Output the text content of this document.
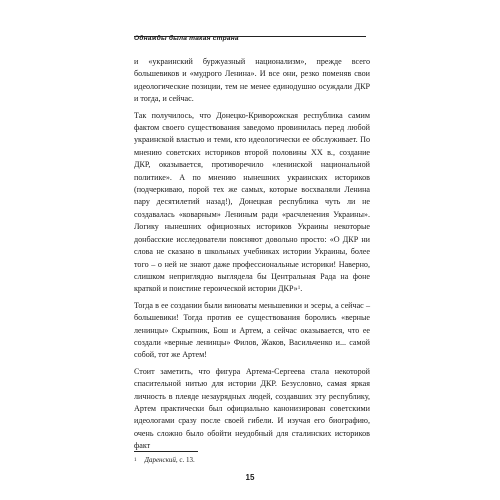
Однажды была такая страна

и «украинский буржуазный национализм», прежде всего большевиков и «мудрого Ленина». И все они, резко поменяв свои идеологические позиции, тем не менее единодушно осуждали ДКР и тогда, и сейчас.

Так получилось, что Донецко-Криворожская республика самим фактом своего существования заведомо провинилась перед любой украинской властью и теми, кто идеологически ее обслуживает. По мнению советских историков второй половины XX в., создание ДКР, оказывается, противоречило «ленинской национальной политике». А по мнению нынешних украинских историков (подчеркиваю, порой тех же самых, которые восхваляли Ленина пару десятилетий назад!), Донецкая республика чуть ли не создавалась «коварным» Лениным ради «расчленения Украины». Логику нынешних официозных историков Украины некоторые донбасские исследователи поясняют довольно просто: «О ДКР ни слова не сказано в школьных учебниках истории Украины, более того – о ней не знают даже профессиональные историки! Наверно, слишком неприглядно выглядела бы Центральная Рада на фоне краткой и поистине героической истории ДКР»$^1$.

Тогда в ее создании были виноваты меньшевики и эсеры, а сейчас – большевики! Тогда против ее существования боролись «верные ленинцы» Скрыпник, Бош и Артем, а сейчас оказывается, что ее создали «верные ленинцы» Филов, Жаков, Васильченко и... самой собой, тот же Артем!

Стоит заметить, что фигура Артема-Сергеева стала некоторой спасительной нитью для истории ДКР. Безусловно, самая яркая личность в плеяде незаурядных людей, создавших эту республику, Артем практически был официально канонизирован советскими идеологами сразу после своей гибели. И изучая его биографию, очень сложно было обойти неудобный для сталинских историков факт

$^1$ Даренский, с. 13.
15
